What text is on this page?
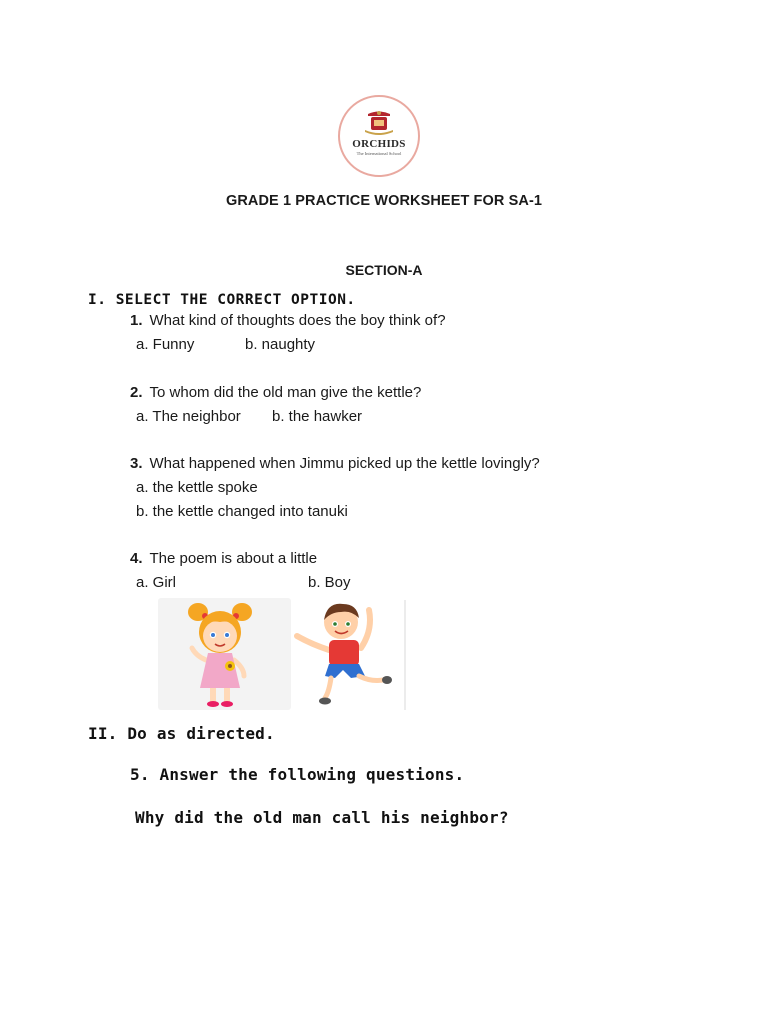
ORCHIDS
The International School
GRADE 1 PRACTICE WORKSHEET FOR SA-1
SECTION-A
I. SELECT THE CORRECT OPTION.
1. What kind of thoughts does the boy think of?
a. Funny	b. naughty
2. To whom did the old man give the kettle?
a. The neighbor b. the hawker
3. What happened when Jimmu picked up the kettle lovingly?
a. the kettle spoke
b. the kettle changed into tanuki
4. The poem is about a little
a. Girl	b. Boy
II. Do as directed.
5. Answer the following questions.
Why did the old man call his neighbor?
